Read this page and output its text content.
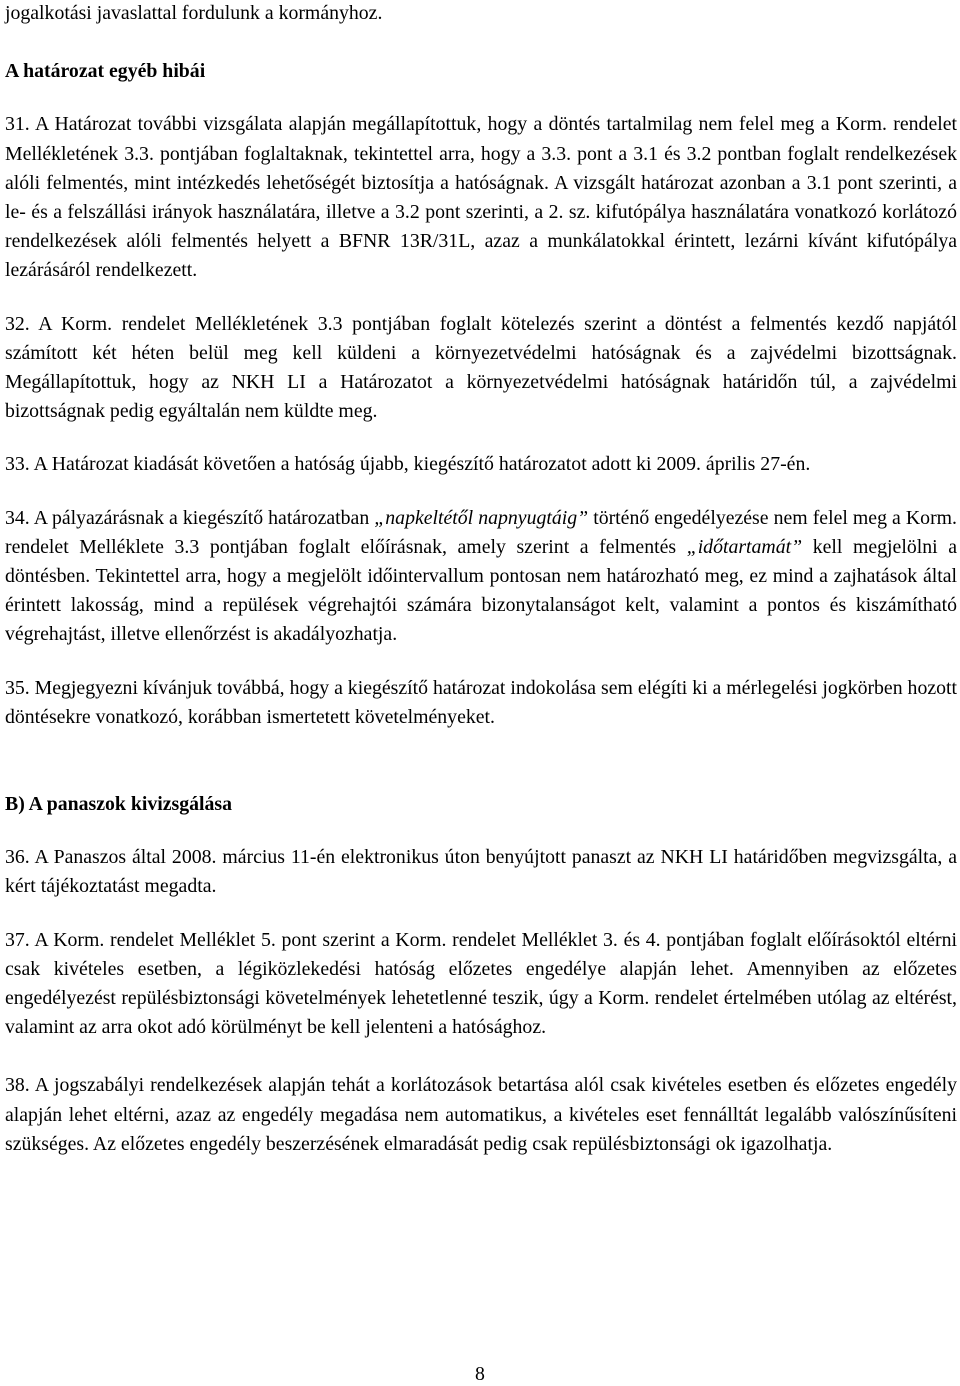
jogalkotási javaslattal fordulunk a kormányhoz.

A határozat egyéb hibái

31. A Határozat további vizsgálata alapján megállapítottuk, hogy a döntés tartalmilag nem felel meg a Korm. rendelet Mellékletének 3.3. pontjában foglaltaknak, tekintettel arra, hogy a 3.3. pont a 3.1 és 3.2 pontban foglalt rendelkezések alóli felmentés, mint intézkedés lehetőségét biztosítja a hatóságnak. A vizsgált határozat azonban a 3.1 pont szerinti, a le- és a felszállási irányok használatára, illetve a 3.2 pont szerinti, a 2. sz. kifutópálya használatára vonatkozó korlátozó rendelkezések alóli felmentés helyett a BFNR 13R/31L, azaz a munkálatokkal érintett, lezárni kívánt kifutópálya lezárásáról rendelkezett.

32. A Korm. rendelet Mellékletének 3.3 pontjában foglalt kötelezés szerint a döntést a felmentés kezdő napjától számított két héten belül meg kell küldeni a környezetvédelmi hatóságnak és a zajvédelmi bizottságnak. Megállapítottuk, hogy az NKH LI a Határozatot a környezetvédelmi hatóságnak határidőn túl, a zajvédelmi bizottságnak pedig egyáltalán nem küldte meg.

33. A Határozat kiadását követően a hatóság újabb, kiegészítő határozatot adott ki 2009. április 27-én.

34. A pályazárásnak a kiegészítő határozatban „napkeltétől napnyugtáig” történő engedélyezése nem felel meg a Korm. rendelet Melléklete 3.3 pontjában foglalt előírásnak, amely szerint a felmentés „időtartamát” kell megjelölni a döntésben. Tekintettel arra, hogy a megjelölt időintervallum pontosan nem határozható meg, ez mind a zajhatások által érintett lakosság, mind a repülések végrehajtói számára bizonytalanságot kelt, valamint a pontos és kiszámítható végrehajtást, illetve ellenőrzést is akadályozhatja.

35. Megjegyezni kívánjuk továbbá, hogy a kiegészítő határozat indokolása sem elégíti ki a mérlegelési jogkörben hozott döntésekre vonatkozó, korábban ismertetett követelményeket.

B) A panaszok kivizsgálása

36. A Panaszos által 2008. március 11-én elektronikus úton benyújtott panaszt az NKH LI határidőben megvizsgálta, a kért tájékoztatást megadta.

37. A Korm. rendelet Melléklet 5. pont szerint a Korm. rendelet Melléklet 3. és 4. pontjában foglalt előírásoktól eltérni csak kivételes esetben, a légiközlekedési hatóság előzetes engedélye alapján lehet. Amennyiben az előzetes engedélyezést repülésbiztonsági követelmények lehetetlenné teszik, úgy a Korm. rendelet értelmében utólag az eltérést, valamint az arra okot adó körülményt be kell jelenteni a hatósághoz.

38. A jogszabályi rendelkezések alapján tehát a korlátozások betartása alól csak kivételes esetben és előzetes engedély alapján lehet eltérni, azaz az engedély megadása nem automatikus, a kivételes eset fennálltát legalább valószínűsíteni szükséges. Az előzetes engedély beszerzésének elmaradását pedig csak repülésbiztonsági ok igazolhatja.

8
